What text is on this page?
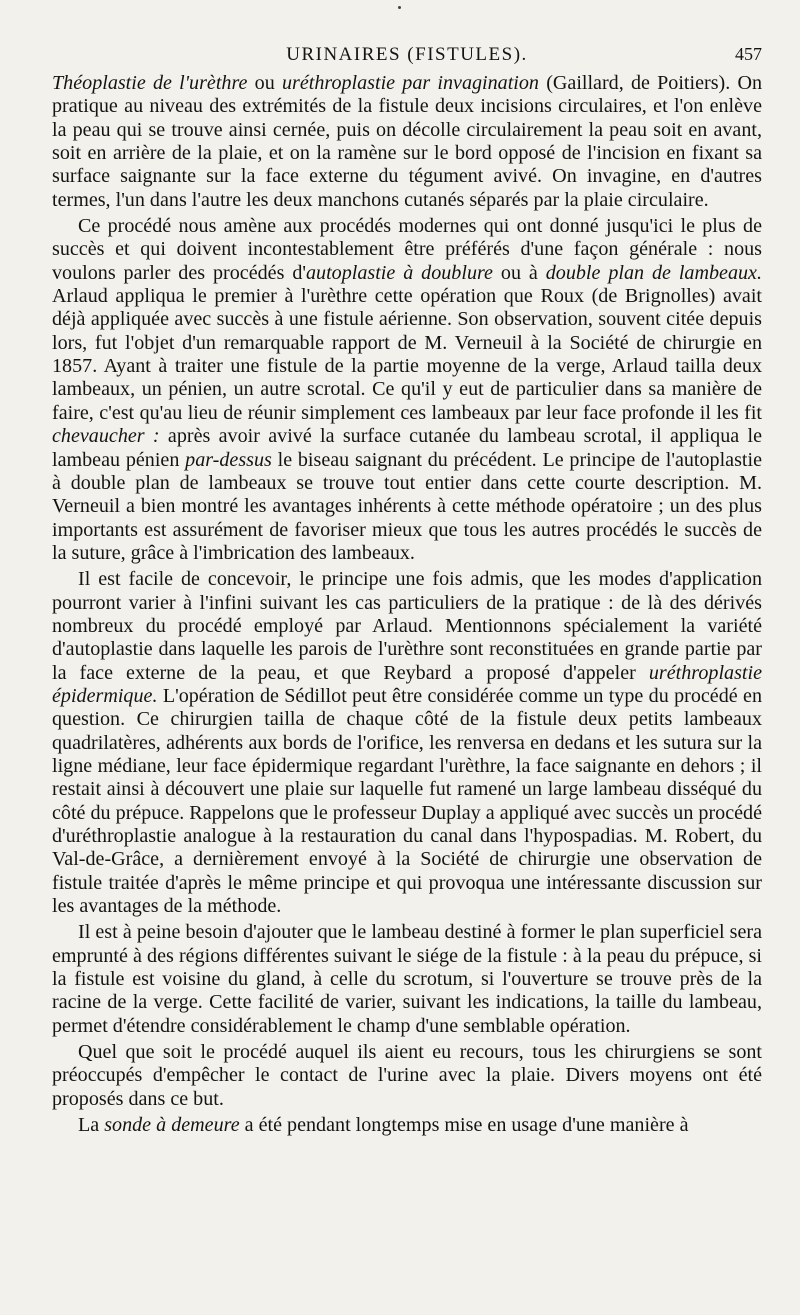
URINAIRES (FISTULES).	457

Théoplastie de l'urèthre ou uréthroplastie par invagination (Gaillard, de Poitiers). On pratique au niveau des extrémités de la fistule deux incisions circulaires, et l'on enlève la peau qui se trouve ainsi cernée, puis on décolle circulairement la peau soit en avant, soit en arrière de la plaie, et on la ramène sur le bord opposé de l'incision en fixant sa surface saignante sur la face externe du tégument avivé. On invagine, en d'autres termes, l'un dans l'autre les deux manchons cutanés séparés par la plaie circulaire.

Ce procédé nous amène aux procédés modernes qui ont donné jusqu'ici le plus de succès et qui doivent incontestablement être préférés d'une façon générale : nous voulons parler des procédés d'autoplastie à doublure ou à double plan de lambeaux. Arlaud appliqua le premier à l'urèthre cette opération que Roux (de Brignolles) avait déjà appliquée avec succès à une fistule aérienne. Son observation, souvent citée depuis lors, fut l'objet d'un remarquable rapport de M. Verneuil à la Société de chirurgie en 1857. Ayant à traiter une fistule de la partie moyenne de la verge, Arlaud tailla deux lambeaux, un pénien, un autre scrotal. Ce qu'il y eut de particulier dans sa manière de faire, c'est qu'au lieu de réunir simplement ces lambeaux par leur face profonde il les fit chevaucher : après avoir avivé la surface cutanée du lambeau scrotal, il appliqua le lambeau pénien par-dessus le biseau saignant du précédent. Le principe de l'autoplastie à double plan de lambeaux se trouve tout entier dans cette courte description. M. Verneuil a bien montré les avantages inhérents à cette méthode opératoire ; un des plus importants est assurément de favoriser mieux que tous les autres procédés le succès de la suture, grâce à l'imbrication des lambeaux.

Il est facile de concevoir, le principe une fois admis, que les modes d'application pourront varier à l'infini suivant les cas particuliers de la pratique : de là des dérivés nombreux du procédé employé par Arlaud. Mentionnons spécialement la variété d'autoplastie dans laquelle les parois de l'urèthre sont reconstituées en grande partie par la face externe de la peau, et que Reybard a proposé d'appeler uréthroplastie épidermique. L'opération de Sédillot peut être considérée comme un type du procédé en question. Ce chirurgien tailla de chaque côté de la fistule deux petits lambeaux quadrilatères, adhérents aux bords de l'orifice, les renversa en dedans et les sutura sur la ligne médiane, leur face épidermique regardant l'urèthre, la face saignante en dehors ; il restait ainsi à découvert une plaie sur laquelle fut ramené un large lambeau disséqué du côté du prépuce. Rappelons que le professeur Duplay a appliqué avec succès un procédé d'uréthroplastie analogue à la restauration du canal dans l'hypospadias. M. Robert, du Val-de-Grâce, a dernièrement envoyé à la Société de chirurgie une observation de fistule traitée d'après le même principe et qui provoqua une intéressante discussion sur les avantages de la méthode.

Il est à peine besoin d'ajouter que le lambeau destiné à former le plan superficiel sera emprunté à des régions différentes suivant le siége de la fistule : à la peau du prépuce, si la fistule est voisine du gland, à celle du scrotum, si l'ouverture se trouve près de la racine de la verge. Cette facilité de varier, suivant les indications, la taille du lambeau, permet d'étendre considérablement le champ d'une semblable opération.

Quel que soit le procédé auquel ils aient eu recours, tous les chirurgiens se sont préoccupés d'empêcher le contact de l'urine avec la plaie. Divers moyens ont été proposés dans ce but.

La sonde à demeure a été pendant longtemps mise en usage d'une manière à
